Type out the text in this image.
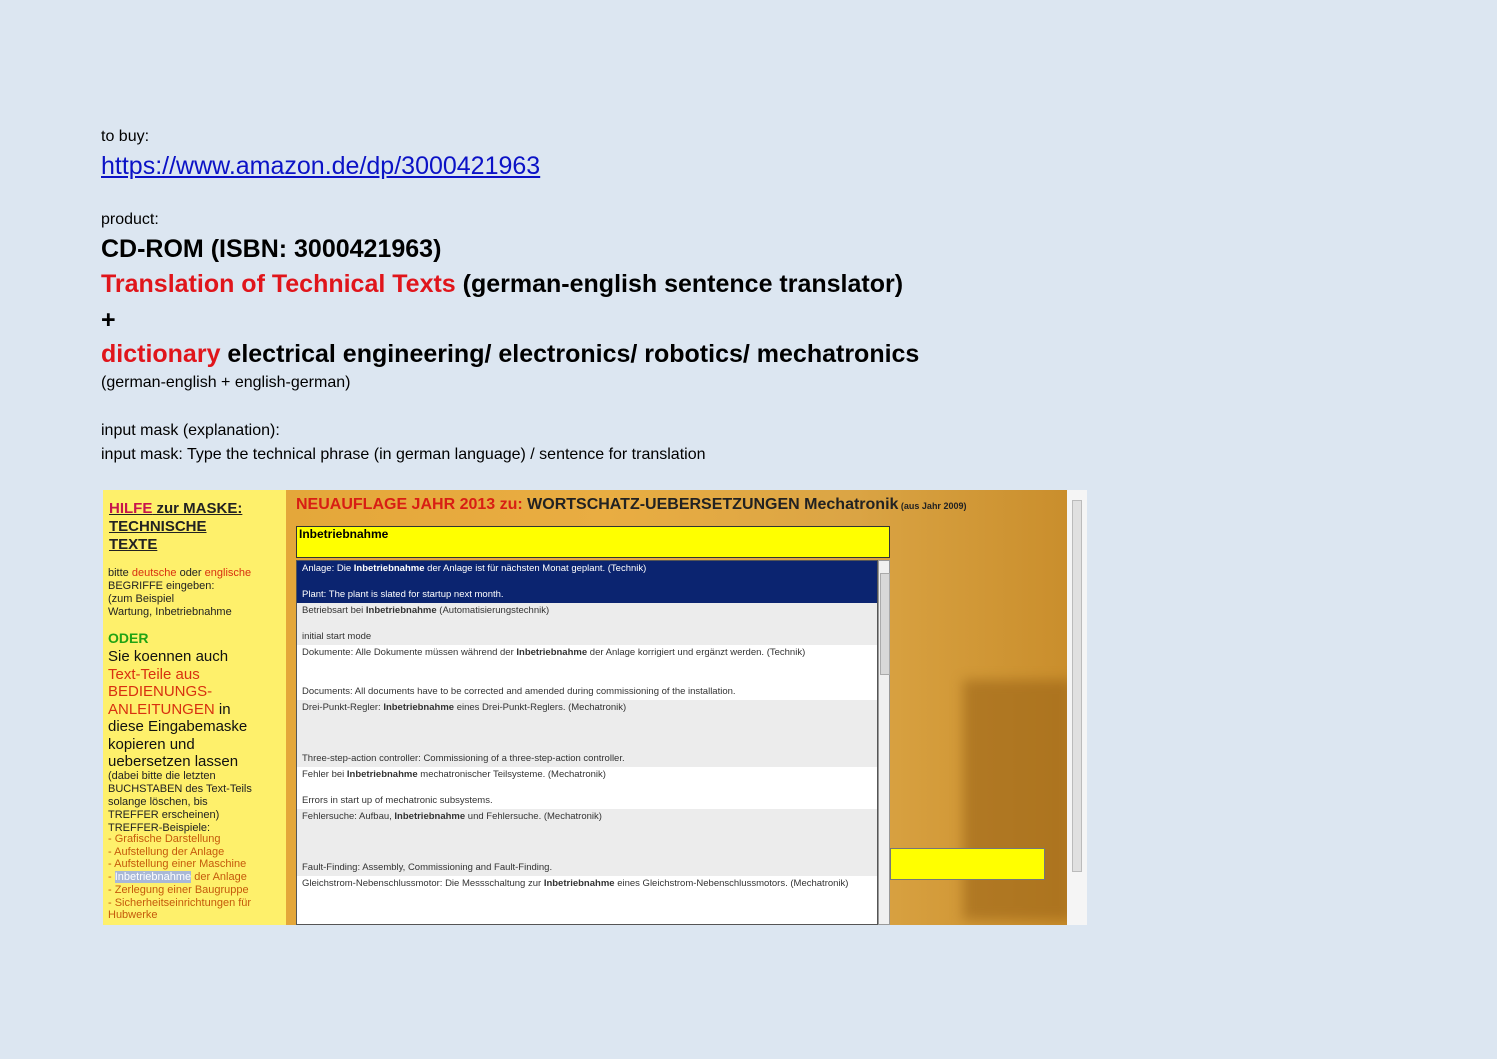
to buy:
https://www.amazon.de/dp/3000421963
product:
CD-ROM (ISBN: 3000421963)
Translation of Technical Texts (german-english sentence translator)
+
dictionary electrical engineering/ electronics/ robotics/ mechatronics
(german-english + english-german)
input mask (explanation):
input mask: Type the technical phrase (in german language) / sentence for translation
HILFE zur MASKE:
TECHNISCHE
TEXTE
bitte deutsche oder englische
BEGRIFFE eingeben:
(zum Beispiel
Wartung, Inbetriebnahme
ODER
Sie koennen auch
Text-Teile aus
BEDIENUNGS-
ANLEITUNGEN in
diese Eingabemaske
kopieren und
uebersetzen lassen
(dabei bitte die letzten
BUCHSTABEN des Text-Teils
solange löschen, bis
TREFFER erscheinen)
TREFFER-Beispiele:
- Grafische Darstellung
- Aufstellung der Anlage
- Aufstellung einer Maschine
- Inbetriebnahme der Anlage
- Zerlegung einer Baugruppe
- Sicherheitseinrichtungen für Hubwerke
NEUAUFLAGE JAHR 2013 zu: WORTSCHATZ-UEBERSETZUNGEN Mechatronik (aus Jahr 2009)
Inbetriebnahme
Anlage: Die Inbetriebnahme der Anlage ist für nächsten Monat geplant. (Technik)
Plant: The plant is slated for startup next month.
Betriebsart bei Inbetriebnahme (Automatisierungstechnik)
initial start mode
Dokumente: Alle Dokumente müssen während der Inbetriebnahme der Anlage korrigiert und ergänzt werden. (Technik)
Documents: All documents have to be corrected and amended during commissioning of the installation.
Drei-Punkt-Regler: Inbetriebnahme eines Drei-Punkt-Reglers. (Mechatronik)
Three-step-action controller: Commissioning of a three-step-action controller.
Fehler bei Inbetriebnahme mechatronischer Teilsysteme. (Mechatronik)
Errors in start up of mechatronic subsystems.
Fehlersuche: Aufbau, Inbetriebnahme und Fehlersuche. (Mechatronik)
Fault-Finding: Assembly, Commissioning and Fault-Finding.
Gleichstrom-Nebenschlussmotor: Die Messschaltung zur Inbetriebnahme eines Gleichstrom-Nebenschlussmotors. (Mechatronik)
